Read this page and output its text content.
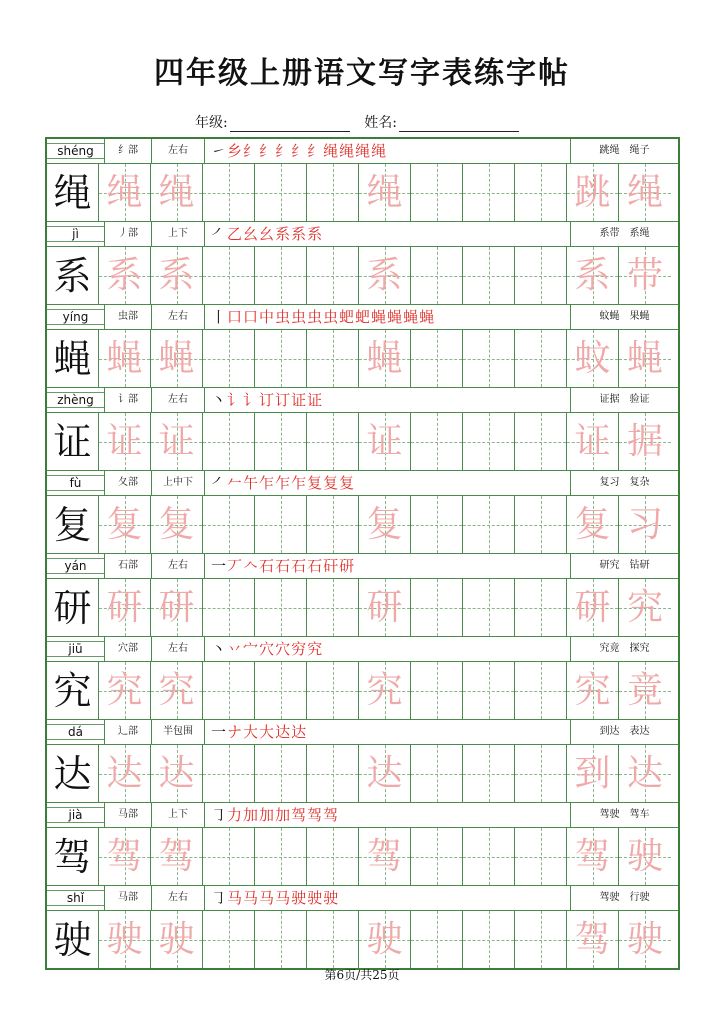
四年级上册语文写字表练字帖
年级:	姓名:
shéng	纟部	左右	㇀乡纟纟纟纟纟绳绳绳绳	跳绳 绳子
绳 绳 绳	绳	跳 绳
jì	丿部	上下	㇒乙幺幺系系系	系带 系绳
系 系 系	系	系 带
yíng	虫部	左右	丨口口中虫虫虫虫蚆蚆蝇蝇蝇蝇	蚊蝇 果蝇
蝇 蝇 蝇	蝇	蚊 蝇
zhèng	讠部	左右	丶讠讠订订证证	证据 验证
证 证 证	证	证 据
fù	夂部	上中下	㇒𠂉午乍乍乍复复复	复习 复杂
复 复 复	复	复 习
yán	石部	左右	一丆𠆢石石石石矸研	研究 钻研
研 研 研	研	研 究
jiū	穴部	左右	丶丷宀穴穴穷究	究竟 探究
究 究 究	究	究 竟
dá	辶部	半包围	一ナ大大达达	到达 表达
达 达 达	达	到 达
jià	马部	上下	㇆力加加加驾驾驾	驾驶 驾车
驾 驾 驾	驾	驾 驶
shǐ	马部	左右	㇆马马马马驶驶驶	驾驶 行驶
驶 驶 驶	驶	驾 驶
第6页/共25页
